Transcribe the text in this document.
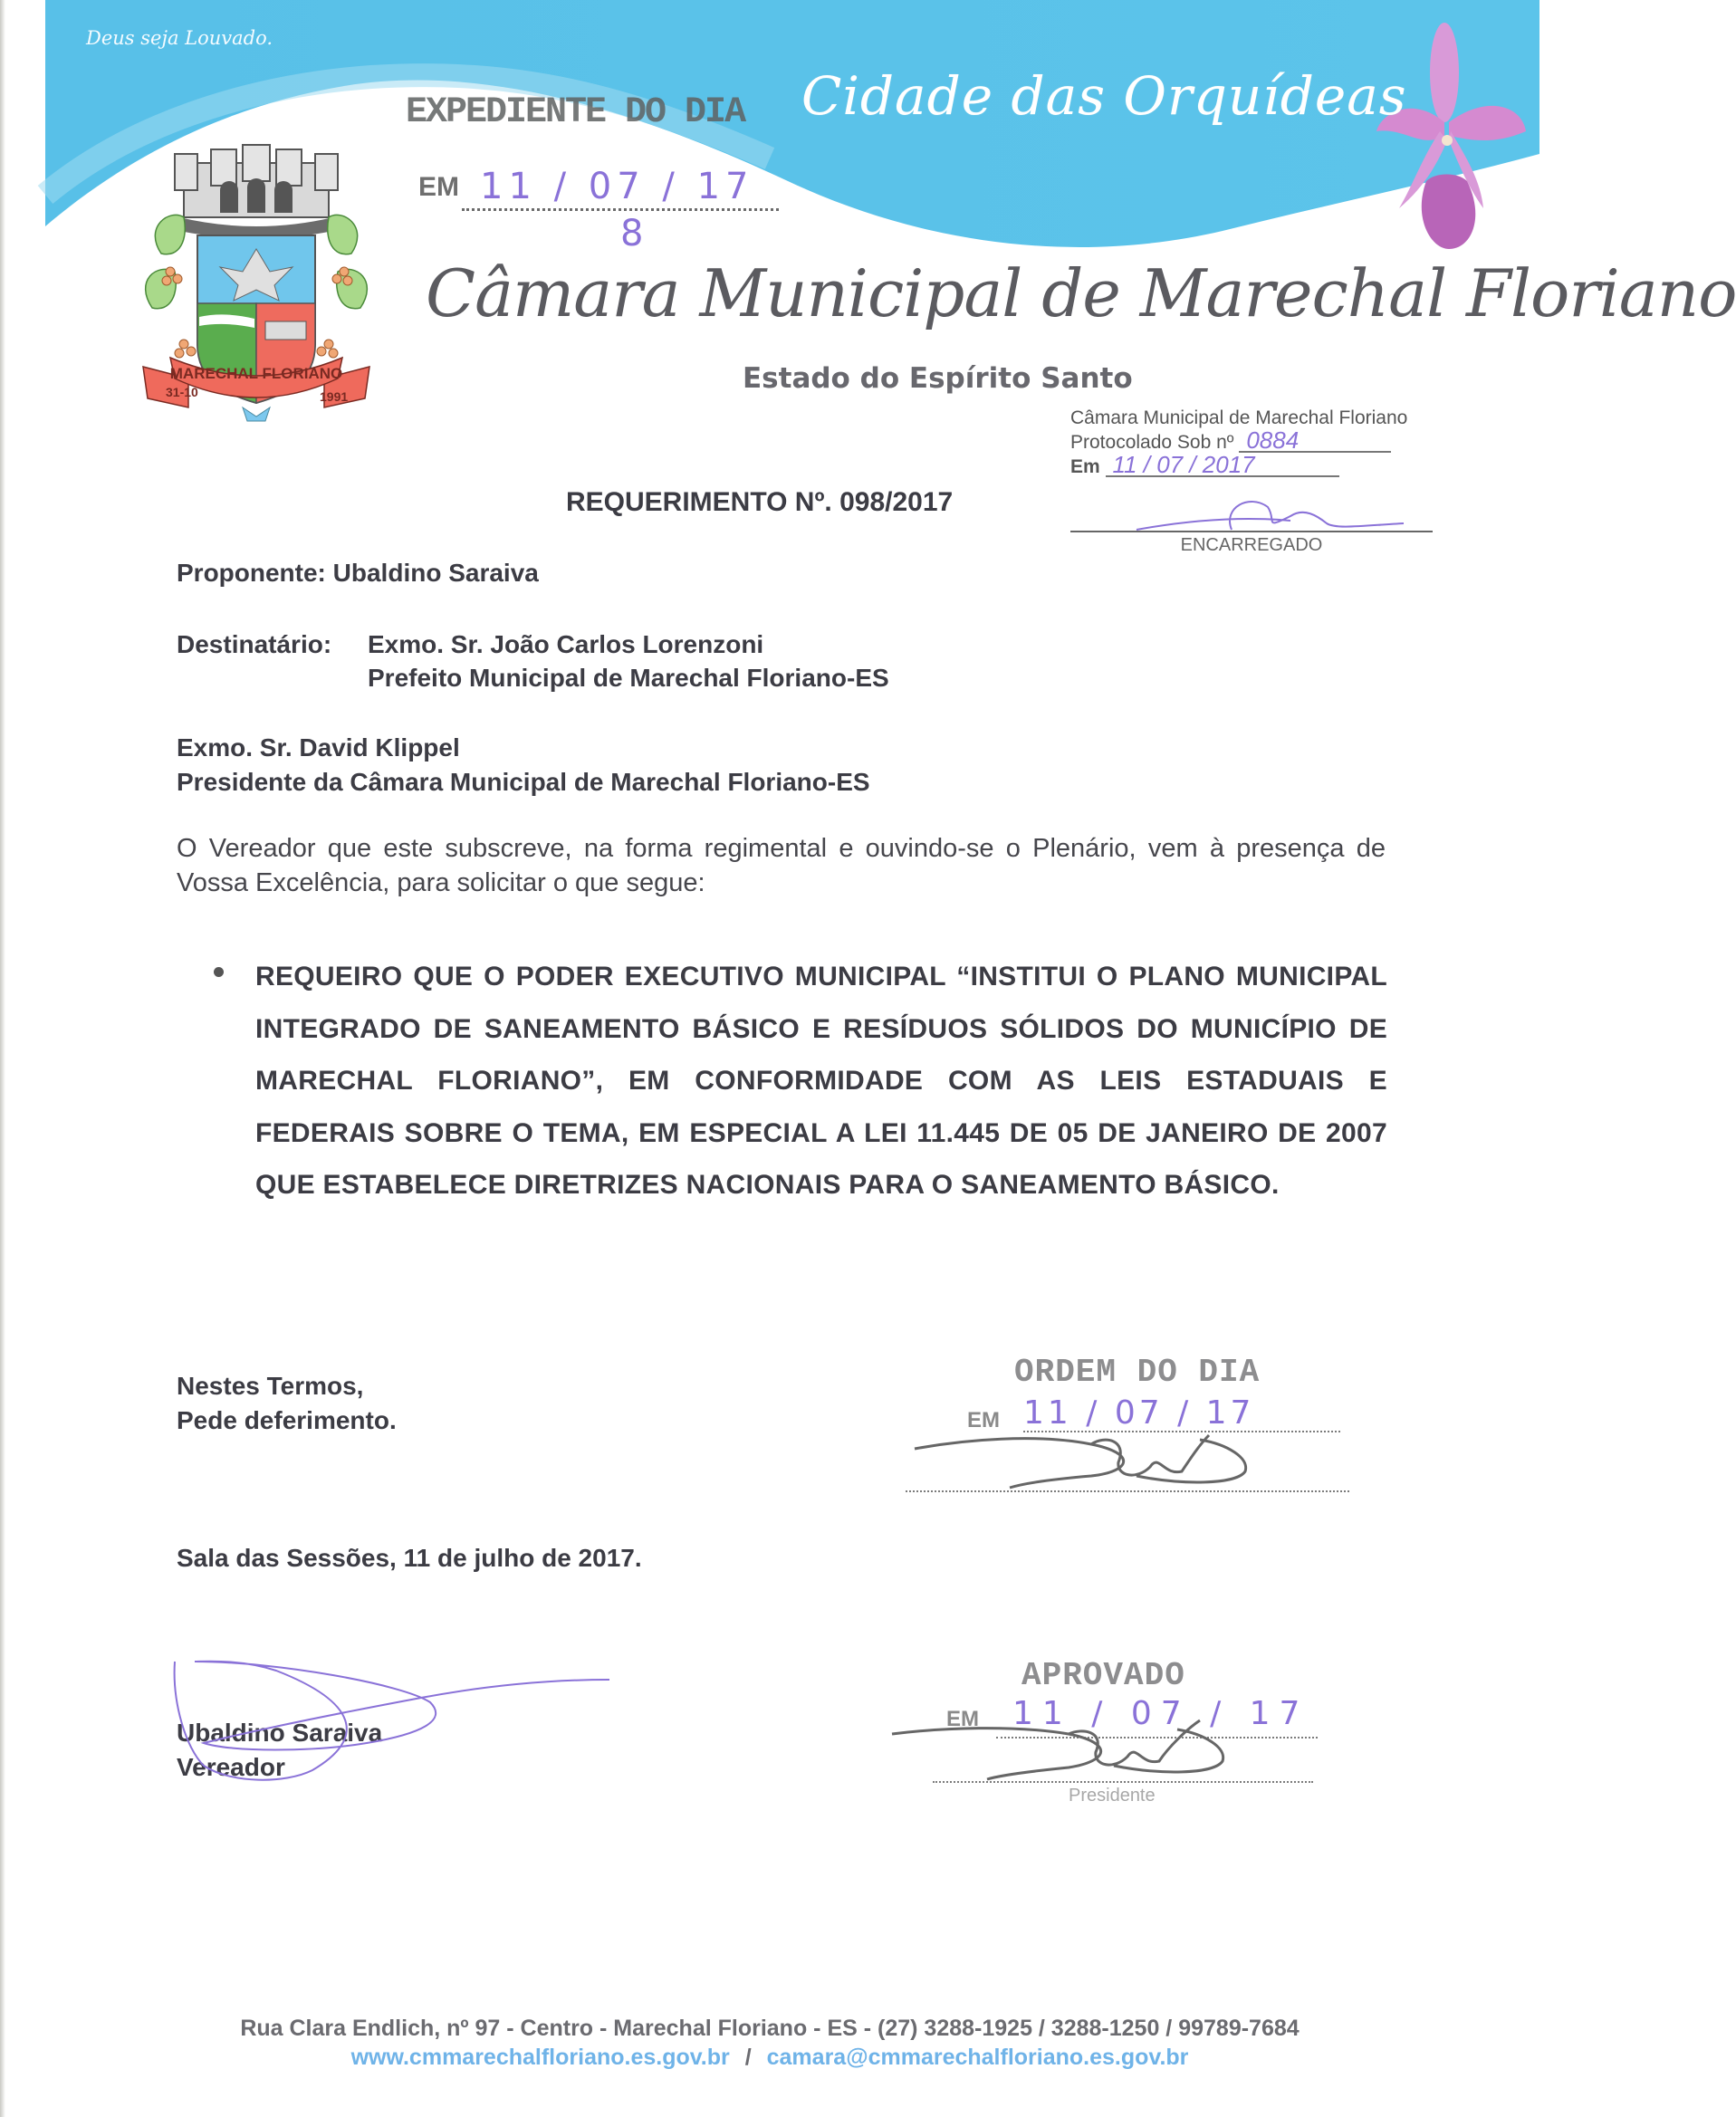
Deus seja Louvado.
Cidade das Orquídeas
MARECHAL FLORIANO
31-10	1991
Câmara Municipal de Marechal Floriano
Estado do Espírito Santo
EXPEDIENTE DO DIA
EM 11 / 07 / 17
8
Câmara Municipal de Marechal Floriano
Protocolado Sob nº 0884
Em 11 / 07 / 2017
ENCARREGADO
REQUERIMENTO Nº. 098/2017
Proponente: Ubaldino Saraiva
Destinatário: Exmo. Sr. João Carlos Lorenzoni
Prefeito Municipal de Marechal Floriano-ES
Exmo. Sr. David Klippel
Presidente da Câmara Municipal de Marechal Floriano-ES
O Vereador que este subscreve, na forma regimental e ouvindo-se o Plenário, vem à presença de Vossa Excelência, para solicitar o que segue:
REQUEIRO QUE O PODER EXECUTIVO MUNICIPAL “INSTITUI O PLANO MUNICIPAL INTEGRADO DE SANEAMENTO BÁSICO E RESÍDUOS SÓLIDOS DO MUNICÍPIO DE MARECHAL FLORIANO”, EM CONFORMIDADE COM AS LEIS ESTADUAIS E FEDERAIS SOBRE O TEMA, EM ESPECIAL A LEI 11.445 DE 05 DE JANEIRO DE 2007 QUE ESTABELECE DIRETRIZES NACIONAIS PARA O SANEAMENTO BÁSICO.
Nestes Termos,
Pede deferimento.
Sala das Sessões, 11 de julho de 2017.
ORDEM DO DIA
EM 11 / 07 / 17
APROVADO
EM 11 / 07 / 17
Presidente
Ubaldino Saraiva
Vereador
Rua Clara Endlich, nº 97 - Centro - Marechal Floriano - ES - (27) 3288-1925 / 3288-1250 / 99789-7684
www.cmmarechalfloriano.es.gov.br / camara@cmmarechalfloriano.es.gov.br
